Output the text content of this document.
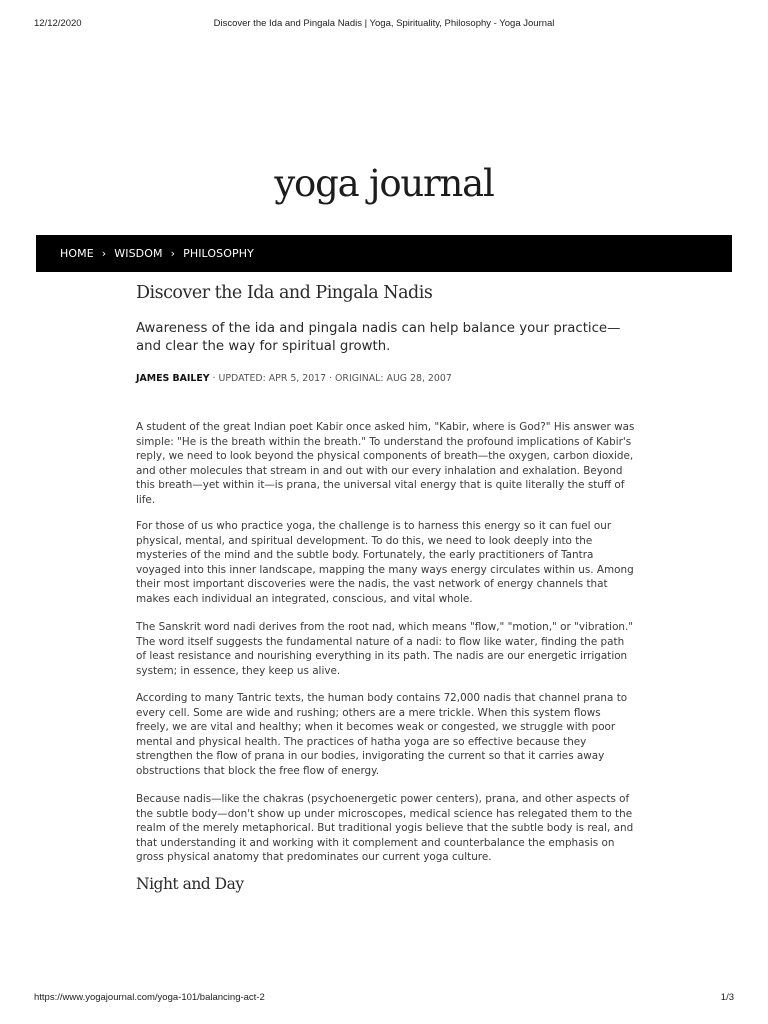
12/12/2020	Discover the Ida and Pingala Nadis | Yoga, Spirituality, Philosophy - Yoga Journal
yoga journal
HOME › WISDOM › PHILOSOPHY
Discover the Ida and Pingala Nadis

Awareness of the ida and pingala nadis can help balance your practice—and clear the way for spiritual growth.

JAMES BAILEY · UPDATED: APR 5, 2017 · ORIGINAL: AUG 28, 2007

A student of the great Indian poet Kabir once asked him, "Kabir, where is God?" His answer was simple: "He is the breath within the breath." To understand the profound implications of Kabir's reply, we need to look beyond the physical components of breath—the oxygen, carbon dioxide, and other molecules that stream in and out with our every inhalation and exhalation. Beyond this breath—yet within it—is prana, the universal vital energy that is quite literally the stuff of life.

For those of us who practice yoga, the challenge is to harness this energy so it can fuel our physical, mental, and spiritual development. To do this, we need to look deeply into the mysteries of the mind and the subtle body. Fortunately, the early practitioners of Tantra voyaged into this inner landscape, mapping the many ways energy circulates within us. Among their most important discoveries were the nadis, the vast network of energy channels that makes each individual an integrated, conscious, and vital whole.

The Sanskrit word nadi derives from the root nad, which means "flow," "motion," or "vibration." The word itself suggests the fundamental nature of a nadi: to flow like water, finding the path of least resistance and nourishing everything in its path. The nadis are our energetic irrigation system; in essence, they keep us alive.

According to many Tantric texts, the human body contains 72,000 nadis that channel prana to every cell. Some are wide and rushing; others are a mere trickle. When this system flows freely, we are vital and healthy; when it becomes weak or congested, we struggle with poor mental and physical health. The practices of hatha yoga are so effective because they strengthen the flow of prana in our bodies, invigorating the current so that it carries away obstructions that block the free flow of energy.

Because nadis—like the chakras (psychoenergetic power centers), prana, and other aspects of the subtle body—don't show up under microscopes, medical science has relegated them to the realm of the merely metaphorical. But traditional yogis believe that the subtle body is real, and that understanding it and working with it complement and counterbalance the emphasis on gross physical anatomy that predominates our current yoga culture.

Night and Day
https://www.yogajournal.com/yoga-101/balancing-act-2	1/3
